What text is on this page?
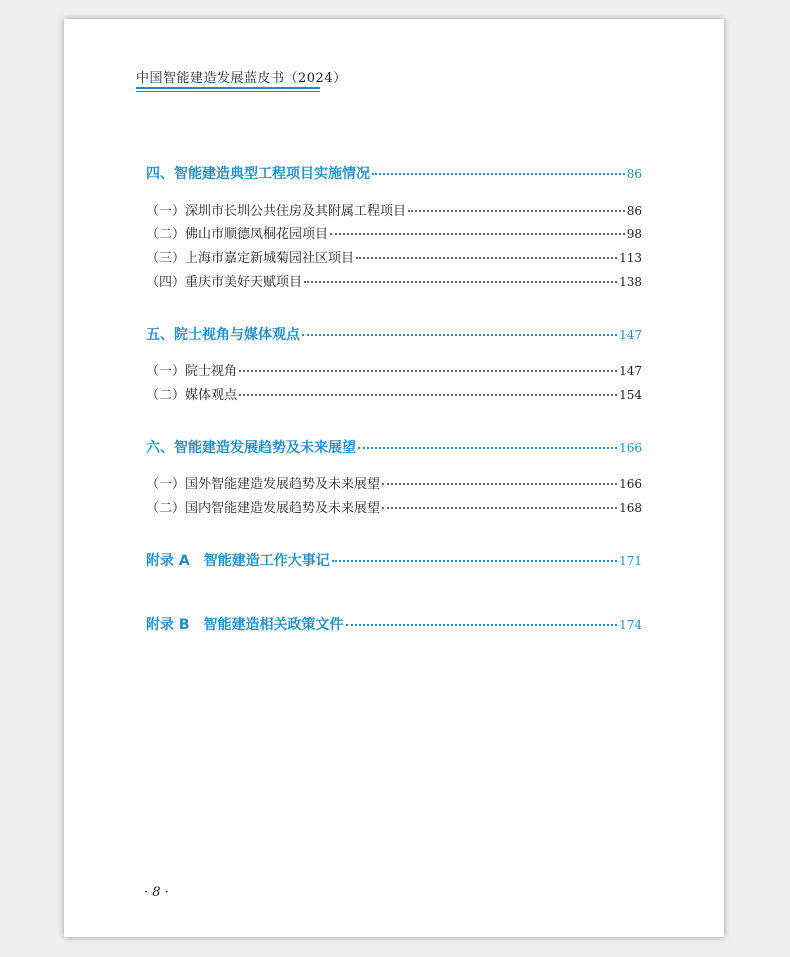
中国智能建造发展蓝皮书（2024）
四、智能建造典型工程项目实施情况	86
（一）深圳市长圳公共住房及其附属工程项目	86
（二）佛山市顺德凤桐花园项目	98
（三）上海市嘉定新城菊园社区项目	113
（四）重庆市美好天赋项目	138
五、院士视角与媒体观点	147
（一）院士视角	147
（二）媒体观点	154
六、智能建造发展趋势及未来展望	166
（一）国外智能建造发展趋势及未来展望	166
（二）国内智能建造发展趋势及未来展望	168
附录 A　智能建造工作大事记	171
附录 B　智能建造相关政策文件	174
· 8 ·
